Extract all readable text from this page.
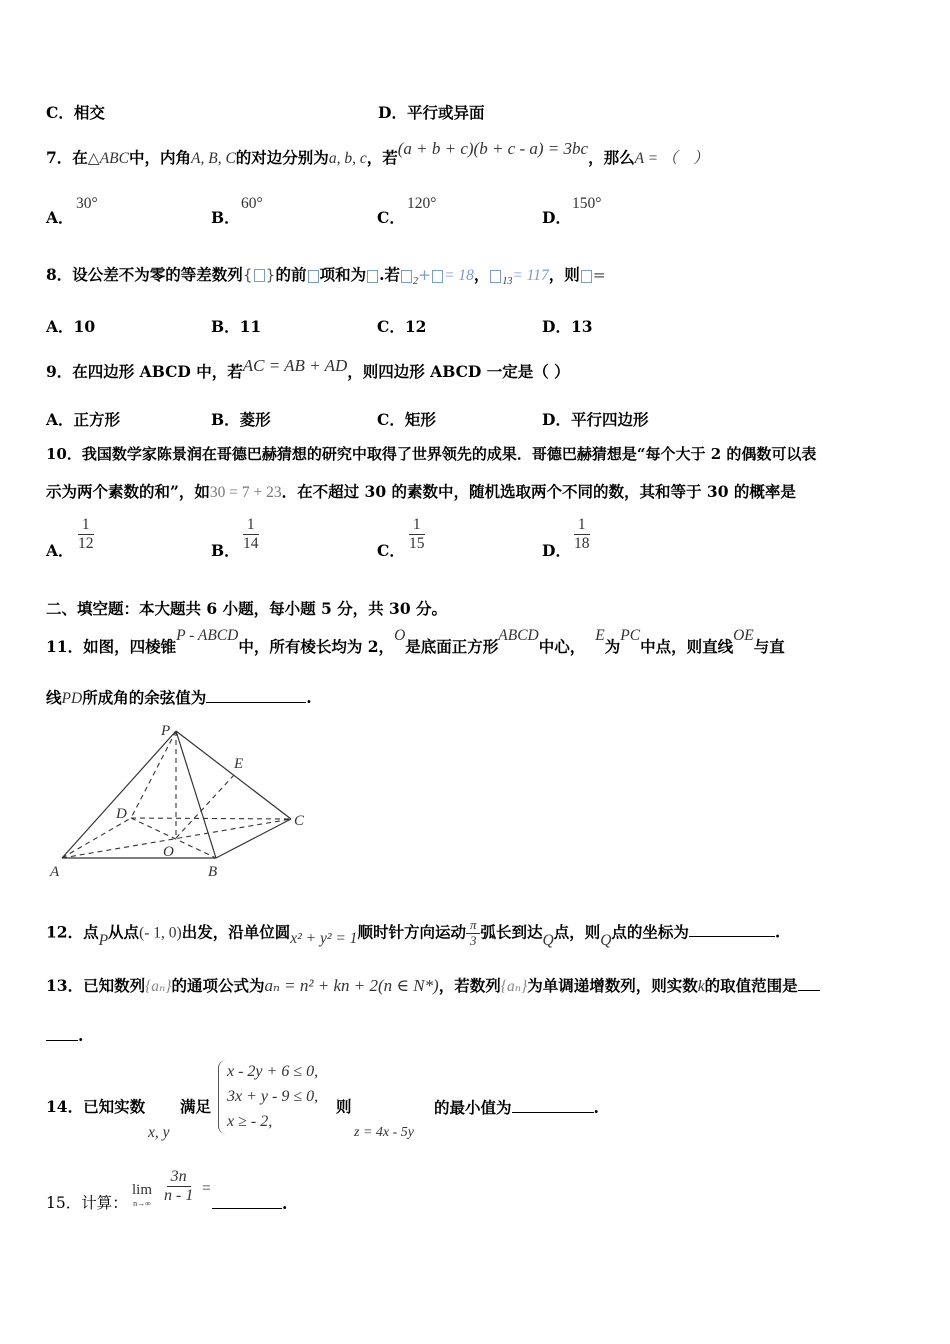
C．相交	D．平行或异面
7．在△ABC中，内角A, B, C的对边分别为a, b, c，若(a + b + c)(b + c - a) = 3bc，那么A = （　）
A．
30°
B．
60°
C．
120°
D．
150°
8．设公差不为零的等差数列{ }的前 项和为 .若 $_2$+ = 18， $_{13}$= 117，则 =
A．10	B．11	C．12	D．13
9．在四边形 ABCD 中，若AC = AB + AD，则四边形 ABCD 一定是（ ）
A．正方形	B．菱形	C．矩形	D．平行四边形
10．我国数学家陈景润在哥德巴赫猜想的研究中取得了世界领先的成果．哥德巴赫猜想是“每个大于 2 的偶数可以表
示为两个素数的和”，如30 = 7 + 23．在不超过 30 的素数中，随机选取两个不同的数，其和等于 30 的概率是
A． $\frac{1}{12}$	B． $\frac{1}{14}$	C． $\frac{1}{15}$	D． $\frac{1}{18}$
二、填空题：本大题共 6 小题，每小题 5 分，共 30 分。
11．如图，四棱锥P - ABCD中，所有棱长均为 2，O是底面正方形ABCD中心，E为PC中点，则直线OE与直
线PD所成角的余弦值为	.
P
E
D	C
O
A	B
12．点P从点(- 1, 0)出发，沿单位圆x² + y² = 1顺时针方向运动 $\frac{\pi}{3}$ 弧长到达Q点，则Q点的坐标为	.
13．已知数列{aₙ}的通项公式为aₙ = n² + kn + 2(n ∈ N*)，若数列{aₙ}为单调递增数列，则实数k的取值范围是
.
14．已知实数
x, y
满足
x - 2y + 6 ≤ 0,
3x + y - 9 ≤ 0,
x ≥ - 2,
则
z = 4x - 5y
的最小值为	.
15．计算：
lim
$n\to\infty \frac{3n}{n - 1}$ =
.
